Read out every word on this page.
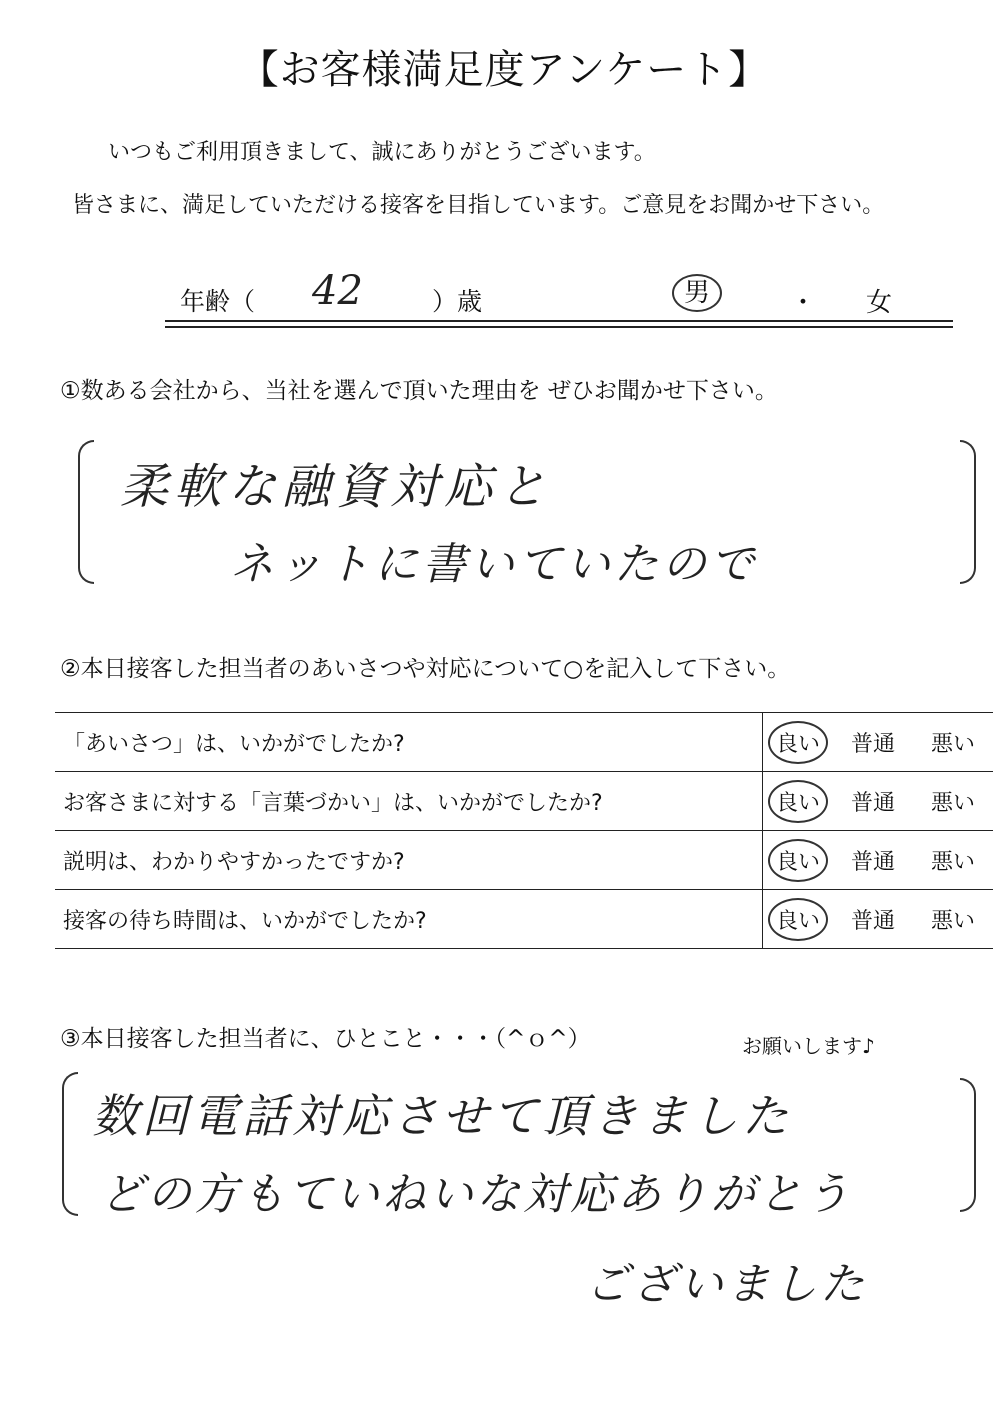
【お客様満足度アンケート】
いつもご利用頂きまして、誠にありがとうございます。
皆さまに、満足していただける接客を目指しています。ご意見をお聞かせ下さい。
年齢（ 42	）歳	男	・ 女
①数ある会社から、当社を選んで頂いた理由を ぜひお聞かせ下さい。
柔軟な融資対応と
ネットに書いていたので
②本日接客した担当者のあいさつや対応について○を記入して下さい。
「あいさつ」は、いかがでしたか?	良い	普通	悪い
お客さまに対する「言葉づかい」は、いかがでしたか?	良い	普通	悪い
説明は、わかりやすかったですか?	良い	普通	悪い
接客の待ち時間は、いかがでしたか?	良い	普通	悪い
③本日接客した担当者に、ひとこと・・・（^ｏ^）	お願いします♪
数回電話対応させて頂きました
どの方もていねいな対応ありがとう
ございました
